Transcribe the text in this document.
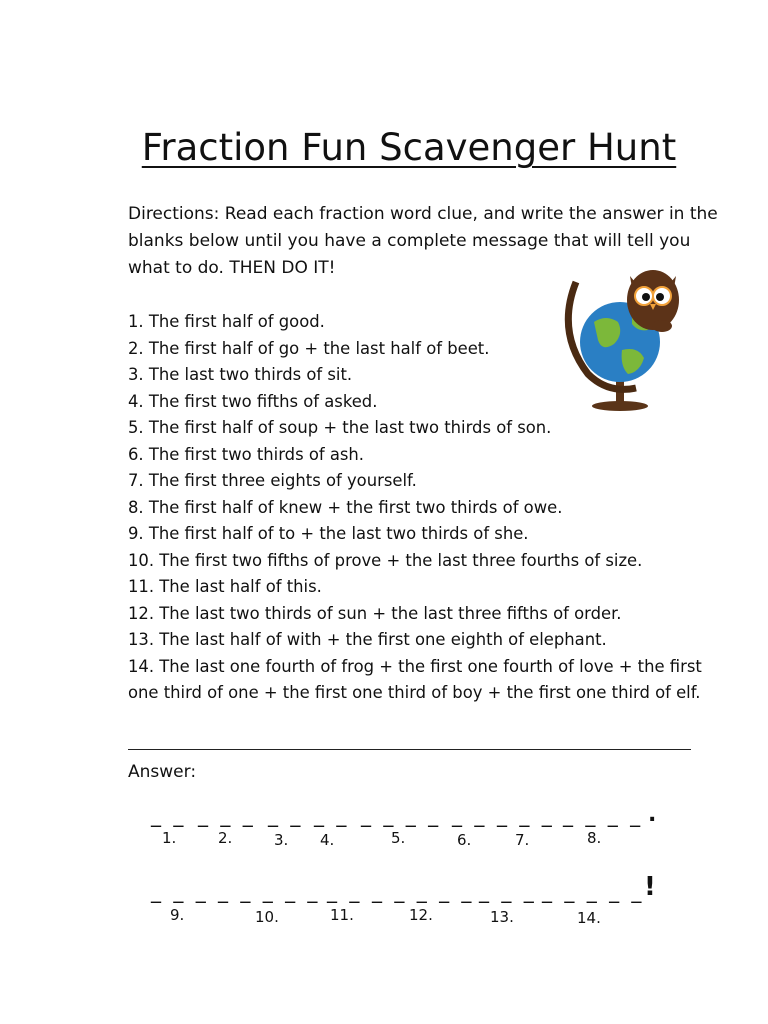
Fraction Fun Scavenger Hunt
Directions: Read each fraction word clue, and write the answer in the blanks below until you have a complete message that will tell you what to do. THEN DO IT!
1. The first half of good.
2. The first half of go + the last half of beet.
3. The last two thirds of sit.
4. The first two fifths of asked.
5. The first half of soup + the last two thirds of son.
6. The first two thirds of ash.
7. The first three eights of yourself.
8. The first half of knew + the first two thirds of owe.
9. The first half of to + the last two thirds of she.
10. The first two fifths of prove + the last three fourths of size.
11. The last half of this.
12. The last two thirds of sun + the last three fifths of order.
13. The last half of with + the first one eighth of elephant.
14. The last one fourth of frog + the first one fourth of love + the first one third of one + the first one third of boy + the first one third of elf.
Answer:
_ _ _ _ _ _ _ _ _ _ _ _ _ _ _ _ _ _ _ _ _ _ .
1.	2.	3. 4.	5.	6.	7.	8.
_ _ _ _ _ _ _ _ _ _ _ _ _ _ _ _ _ _ _ _ _ _ _ !
9.	10.	11.	12.	13.	14.
